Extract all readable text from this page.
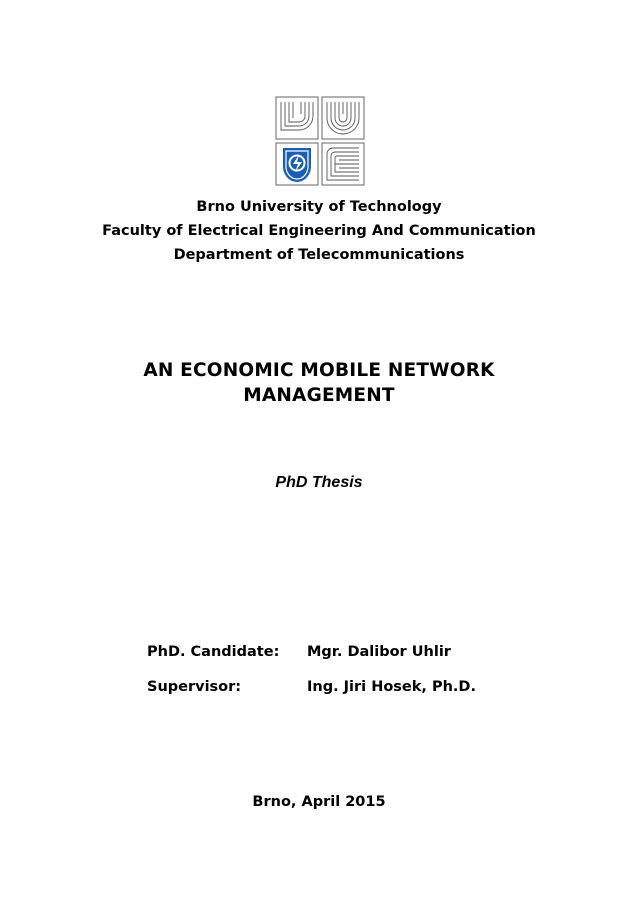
Brno University of Technology
Faculty of Electrical Engineering And Communication
Department of Telecommunications
AN ECONOMIC MOBILE NETWORK
MANAGEMENT
PhD Thesis
PhD. Candidate:	Mgr. Dalibor Uhlir
Supervisor:	Ing. Jiri Hosek, Ph.D.
Brno, April 2015
